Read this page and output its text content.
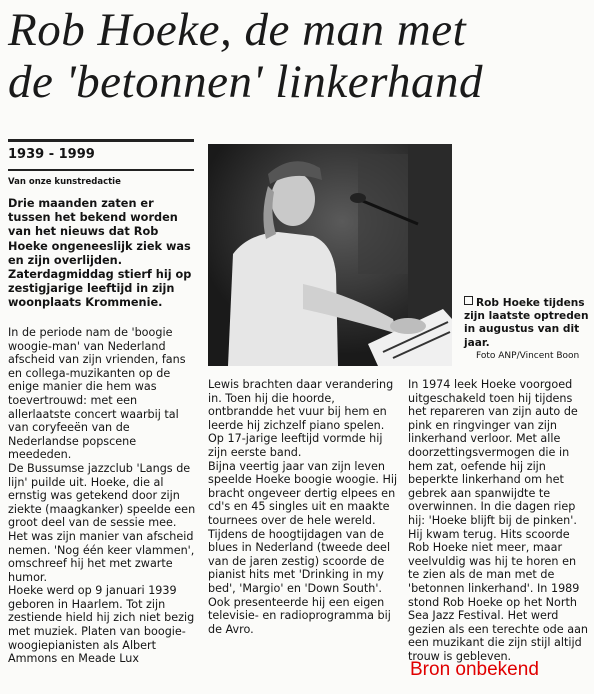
Rob Hoeke, de man met
de 'betonnen' linkerhand
1939 - 1999
Van onze kunstredactie
Drie maanden zaten er tussen het bekend worden van het nieuws dat Rob Hoeke ongeneeslijk ziek was en zijn overlijden. Zaterdagmiddag stierf hij op zestigjarige leeftijd in zijn woonplaats Krommenie.

In de periode nam de 'boogie woogie-man' van Nederland afscheid van zijn vrienden, fans en collega-muzikanten op de enige manier die hem was toevertrouwd: met een allerlaatste concert waarbij tal van coryfeeën van de Nederlandse popscene meededen.

De Bussumse jazzclub 'Langs de lijn' puilde uit. Hoeke, die al ernstig was getekend door zijn ziekte (maagkanker) speelde een groot deel van de sessie mee.

Het was zijn manier van afscheid nemen. 'Nog één keer vlammen', omschreef hij het met zwarte humor.

Hoeke werd op 9 januari 1939 geboren in Haarlem. Tot zijn zestiende hield hij zich niet bezig met muziek. Platen van boogie-woogiepianisten als Albert Ammons en Meade Lux

Rob Hoeke tijdens zijn laatste optreden in augustus van dit jaar.
Foto ANP/Vincent Boon

Lewis brachten daar verandering in. Toen hij die hoorde, ontbrandde het vuur bij hem en leerde hij zichzelf piano spelen.

Op 17-jarige leeftijd vormde hij zijn eerste band.

Bijna veertig jaar van zijn leven speelde Hoeke boogie woogie. Hij bracht ongeveer dertig elpees en cd's en 45 singles uit en maakte tournees over de hele wereld. Tijdens de hoogtijdagen van de blues in Nederland (tweede deel van de jaren zestig) scoorde de pianist hits met 'Drinking in my bed', 'Margio' en 'Down South'. Ook presenteerde hij een eigen televisie- en radioprogramma bij de Avro.

In 1974 leek Hoeke voorgoed uitgeschakeld toen hij tijdens het repareren van zijn auto de pink en ringvinger van zijn linkerhand verloor. Met alle doorzettingsvermogen die in hem zat, oefende hij zijn beperkte linkerhand om het gebrek aan spanwijdte te overwinnen. In die dagen riep hij: 'Hoeke blijft bij de pinken'. Hij kwam terug. Hits scoorde Rob Hoeke niet meer, maar veelvuldig was hij te horen en te zien als de man met de 'betonnen linkerhand'. In 1989 stond Rob Hoeke op het North Sea Jazz Festival. Het werd gezien als een terechte ode aan een muzikant die zijn stijl altijd trouw is gebleven.

Bron onbekend
